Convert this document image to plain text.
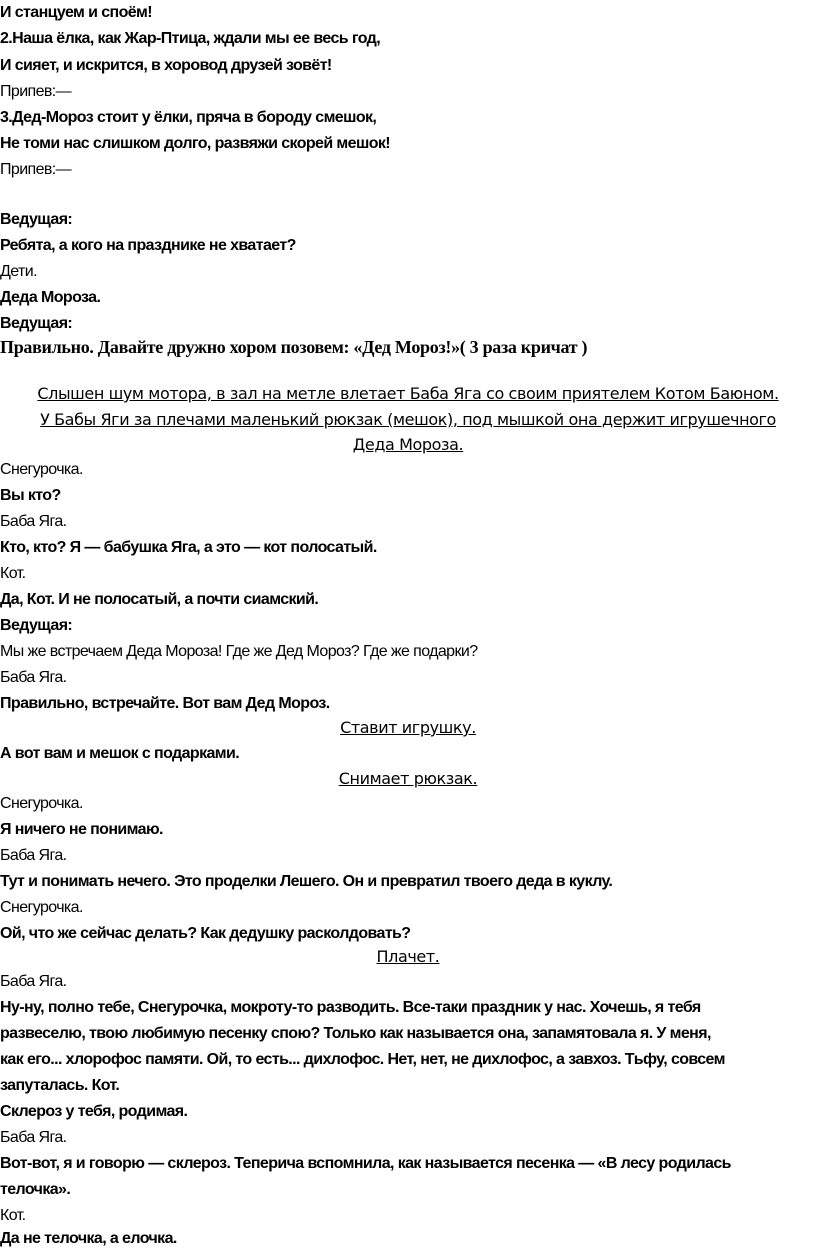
И станцуем и споём!
2.Наша ёлка, как Жар-Птица, ждали мы ее весь год,
И сияет, и искрится, в хоровод друзей зовёт!
Припев:—
3.Дед-Мороз стоит у ёлки, пряча в бороду смешок,
Не томи нас слишком долго, развяжи скорей мешок!
Припев:—
Ведущая:
Ребята, а кого на празднике не хватает?
Дети.
Деда Мороза.
Ведущая:
Правильно. Давайте дружно хором позовем: «Дед Мороз!»( 3 раза кричат )
Слышен шум мотора, в зал на метле влетает Баба Яга со своим приятелем Котом Баюном.
У Бабы Яги за плечами маленький рюкзак (мешок), под мышкой она держит игрушечного
Деда Мороза.
Снегурочка.
Вы кто?
Баба Яга.
Кто, кто? Я — бабушка Яга, а это — кот полосатый.
Кот.
Да, Кот. И не полосатый, а почти сиамский.
Ведущая:
Мы же встречаем Деда Мороза! Где же Дед Мороз? Где же подарки?
Баба Яга.
Правильно, встречайте. Вот вам Дед Мороз.
Ставит игрушку.
А вот вам и мешок с подарками.
Снимает рюкзак.
Снегурочка.
Я ничего не понимаю.
Баба Яга.
Тут и понимать нечего. Это проделки Лешего. Он и превратил твоего деда в куклу.
Снегурочка.
Ой, что же сейчас делать? Как дедушку расколдовать?
Плачет.
Баба Яга.
Ну-ну, полно тебе, Снегурочка, мокроту-то разводить. Все-таки праздник у нас. Хочешь, я тебя
развеселю, твою любимую песенку спою? Только как называется она, запамятовала я. У меня,
как его... хлорофос памяти. Ой, то есть... дихлофос. Нет, нет, не дихлофос, а завхоз. Тьфу, совсем
запуталась. Кот.
Склероз у тебя, родимая.
Баба Яга.
Вот-вот, я и говорю — склероз. Теперича вспомнила, как называется песенка — «В лесу родилась
телочка».
Кот.
Да не телочка, а елочка.
